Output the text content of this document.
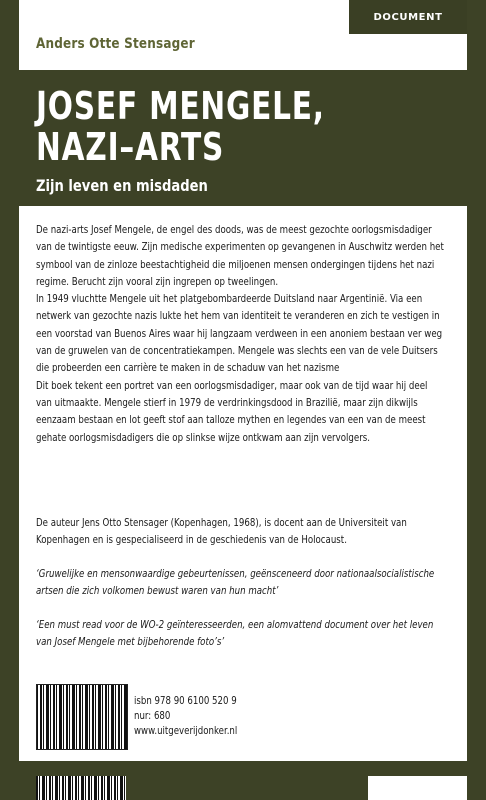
DOCUMENT
Anders Otte Stensager
JOSEF MENGELE,
NAZI–ARTS
Zijn leven en misdaden

De nazi-arts Josef Mengele, de engel des doods, was de meest gezochte oorlogsmisdadiger van de twintigste eeuw. Zijn medische experimenten op gevangenen in Auschwitz werden het symbool van de zinloze beestachtigheid die miljoenen mensen ondergingen tijdens het nazi regime. Berucht zijn vooral zijn ingrepen op tweelingen.

In 1949 vluchtte Mengele uit het platgebombardeerde Duitsland naar Argentinië. Via een netwerk van gezochte nazis lukte het hem van identiteit te veranderen en zich te vestigen in een voorstad van Buenos Aires waar hij langzaam verdween in een anoniem bestaan ver weg van de gruwelen van de concentratiekampen. Mengele was slechts een van de vele Duitsers die probeerden een carrière te maken in de schaduw van het nazisme

Dit boek tekent een portret van een oorlogsmisdadiger, maar ook van de tijd waar hij deel van uitmaakte. Mengele stierf in 1979 de verdrinkingsdood in Brazilië, maar zijn dikwijls eenzaam bestaan en lot geeft stof aan talloze mythen en legendes van een van de meest gehate oorlogsmisdadigers die op slinkse wijze ontkwam aan zijn vervolgers.

De auteur Jens Otto Stensager (Kopenhagen, 1968), is docent aan de Universiteit van Kopenhagen en is gespecialiseerd in de geschiedenis van de Holocaust.

‘Gruwelijke en mensonwaardige gebeurtenissen, geënsceneerd door nationaalsocialistische artsen die zich volkomen bewust waren van hun macht’

‘Een must read voor de WO-2 geïnteresseerden, een alomvattend document over het leven van Josef Mengele met bijbehorende foto’s’

isbn 978 90 6100 520 9
nur: 680
www.uitgeverijdonker.nl
